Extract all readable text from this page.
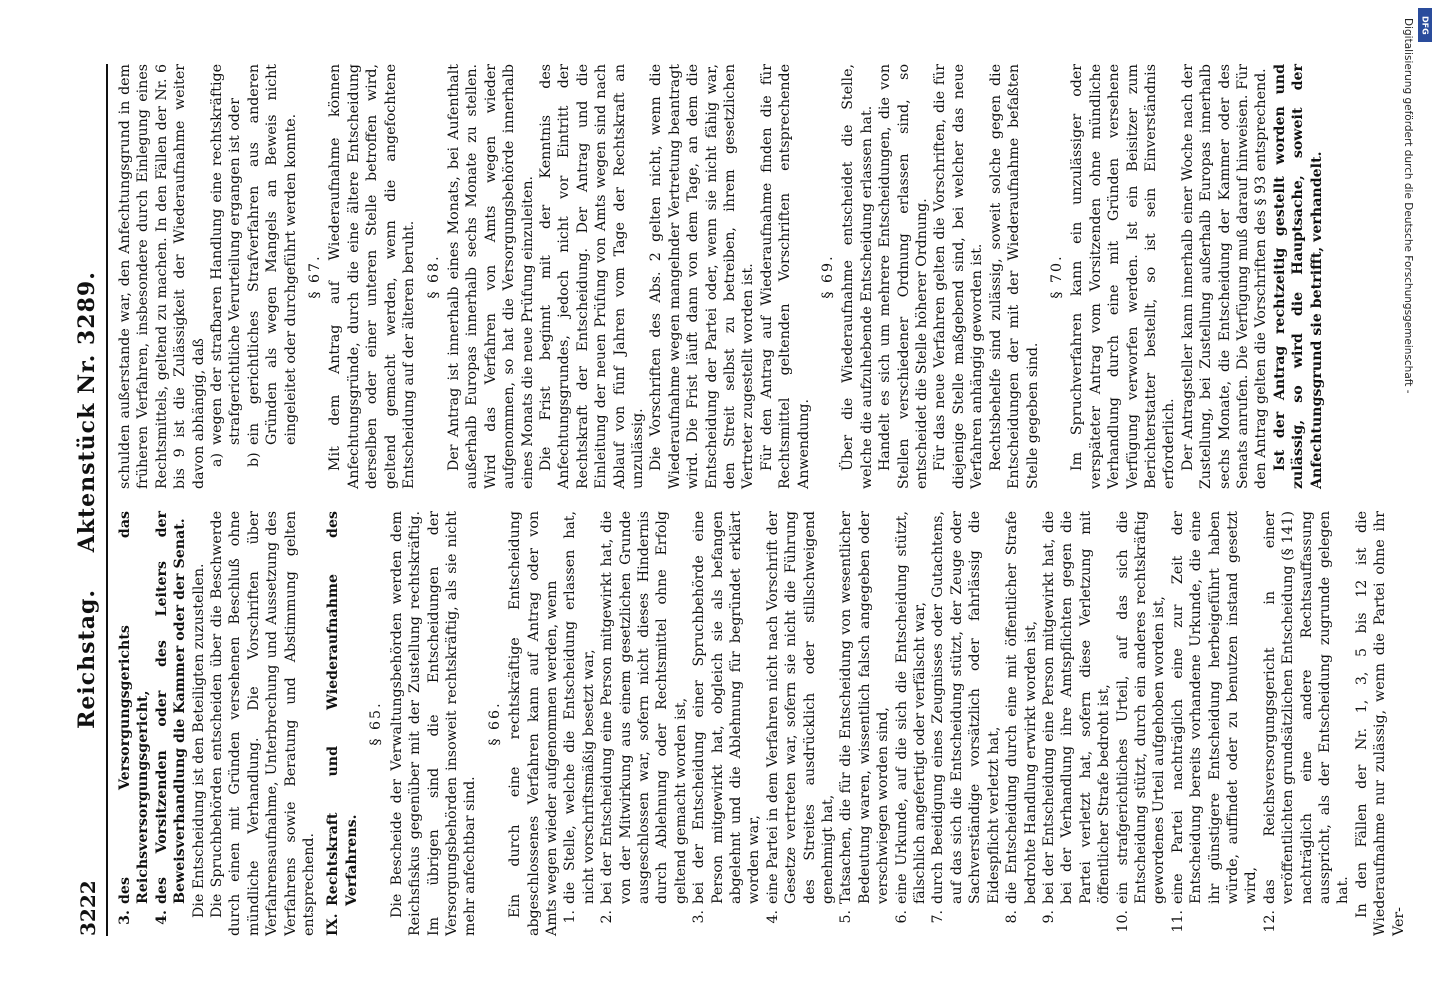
3222
Reichstag. Aktenstück Nr. 3289.
3.
des Versorgungsgerichts das Reichsversorgungsgericht,
4.
des Vorsitzenden oder des Leiters der Beweisverhandlung die Kammer oder der Senat. Die Entscheidung ist den Beteiligten zuzustellen. Die Spruchbehörden entscheiden über die Beschwerde durch einen mit Gründen versehenen Beschluß ohne mündliche Verhandlung. Die Vorschriften über Verfahrensaufnahme, Unterbrechung und Aussetzung des Verfahrens sowie Beratung und Abstimmung gelten entsprechend. IX.
Rechtskraft und Wiederaufnahme des Verfahrens.
§ 65. Die Bescheide der Verwaltungsbehörden werden dem Reichsfiskus gegenüber mit der Zustellung rechtskräftig. Im übrigen sind die Entscheidungen der Versorgungsbehörden insoweit rechtskräftig, als sie nicht mehr anfechtbar sind.

§ 66. Ein durch eine rechtskräftige Entscheidung abgeschlossenes Verfahren kann auf Antrag oder von Amts wegen wieder aufgenommen werden, wenn 1.
die Stelle, welche die Entscheidung erlassen hat, nicht vorschriftsmäßig besetzt war,
2.
bei der Entscheidung eine Person mitgewirkt hat, die von der Mitwirkung aus einem gesetzlichen Grunde ausgeschlossen war, sofern nicht dieses Hindernis durch Ablehnung oder Rechtsmittel ohne Erfolg geltend gemacht worden ist,
3.
bei der Entscheidung einer Spruchbehörde eine Person mitgewirkt hat, obgleich sie als befangen abgelehnt und die Ablehnung für begründet erklärt worden war,
4.
eine Partei in dem Verfahren nicht nach Vorschrift der Gesetze vertreten war, sofern sie nicht die Führung des Streites ausdrücklich oder stillschweigend genehmigt hat,
5.
Tatsachen, die für die Entscheidung von wesentlicher Bedeutung waren, wissentlich falsch angegeben oder verschwiegen worden sind,
6.
eine Urkunde, auf die sich die Entscheidung stützt, fälschlich angefertigt oder verfälscht war,
7.
durch Beeidigung eines Zeugnisses oder Gutachtens, auf das sich die Entscheidung stützt, der Zeuge oder Sachverständige vorsätzlich oder fahrlässig die Eidespflicht verletzt hat,
8.
die Entscheidung durch eine mit öffentlicher Strafe bedrohte Handlung erwirkt worden ist,
9.
bei der Entscheidung eine Person mitgewirkt hat, die bei der Verhandlung ihre Amtspflichten gegen die Partei verletzt hat, sofern diese Verletzung mit öffentlicher Strafe bedroht ist,
10.
ein strafgerichtliches Urteil, auf das sich die Entscheidung stützt, durch ein anderes rechtskräftig gewordenes Urteil aufgehoben worden ist,
11.
eine Partei nachträglich eine zur Zeit der Entscheidung bereits vorhandene Urkunde, die eine ihr günstigere Entscheidung herbeigeführt haben würde, auffindet oder zu benutzen instand gesetzt wird,
12.
das Reichsversorgungsgericht in einer veröffentlichten grundsätzlichen Entscheidung (§ 141) nachträglich eine andere Rechtsauffassung ausspricht, als der Entscheidung zugrunde gelegen hat. In den Fällen der Nr. 1, 3, 5 bis 12 ist die Wiederaufnahme nur zulässig, wenn die Partei ohne ihr Ver-

schulden außerstande war, den Anfechtungsgrund in dem früheren Verfahren, insbesondere durch Einlegung eines Rechtsmittels, geltend zu machen. In den Fällen der Nr. 6 bis 9 ist die Zulässigkeit der Wiederaufnahme weiter davon abhängig, daß a)
wegen der strafbaren Handlung eine rechtskräftige strafgerichtliche Verurteilung ergangen ist oder
b)
ein gerichtliches Strafverfahren aus anderen Gründen als wegen Mangels an Beweis nicht eingeleitet oder durchgeführt werden konnte. § 67. Mit dem Antrag auf Wiederaufnahme können Anfechtungsgründe, durch die eine ältere Entscheidung derselben oder einer unteren Stelle betroffen wird, geltend gemacht werden, wenn die angefochtene Entscheidung auf der älteren beruht. § 68. Der Antrag ist innerhalb eines Monats, bei Aufenthalt außerhalb Europas innerhalb sechs Monate zu stellen. Wird das Verfahren von Amts wegen wieder aufgenommen, so hat die Versorgungsbehörde innerhalb eines Monats die neue Prüfung einzuleiten. Die Frist beginnt mit der Kenntnis des Anfechtungsgrundes, jedoch nicht vor Eintritt der Rechtskraft der Entscheidung. Der Antrag und die Einleitung der neuen Prüfung von Amts wegen sind nach Ablauf von fünf Jahren vom Tage der Rechtskraft an unzulässig. Die Vorschriften des Abs. 2 gelten nicht, wenn die Wiederaufnahme wegen mangelnder Vertretung beantragt wird. Die Frist läuft dann von dem Tage, an dem die Entscheidung der Partei oder, wenn sie nicht fähig war, den Streit selbst zu betreiben, ihrem gesetzlichen Vertreter zugestellt worden ist. Für den Antrag auf Wiederaufnahme finden die für Rechtsmittel geltenden Vorschriften entsprechende Anwendung.

§ 69. Über die Wiederaufnahme entscheidet die Stelle, welche die aufzuhebende Entscheidung erlassen hat. Handelt es sich um mehrere Entscheidungen, die von Stellen verschiedener Ordnung erlassen sind, so entscheidet die Stelle höherer Ordnung. Für das neue Verfahren gelten die Vorschriften, die für diejenige Stelle maßgebend sind, bei welcher das neue Verfahren anhängig geworden ist. Rechtsbehelfe sind zulässig, soweit solche gegen die Entscheidungen der mit der Wiederaufnahme befaßten Stelle gegeben sind.

§ 70. Im Spruchverfahren kann ein unzulässiger oder verspäteter Antrag vom Vorsitzenden ohne mündliche Verhandlung durch eine mit Gründen versehene Verfügung verworfen werden. Ist ein Beisitzer zum Berichterstatter bestellt, so ist sein Einverständnis erforderlich. Der Antragsteller kann innerhalb einer Woche nach der Zustellung, bei Zustellung außerhalb Europas innerhalb sechs Monate, die Entscheidung der Kammer oder des Senats anrufen. Die Verfügung muß darauf hinweisen. Für den Antrag gelten die Vorschriften des § 93 entsprechend. Ist der Antrag rechtzeitig gestellt worden und zulässig, so wird die Hauptsache, soweit der Anfechtungsgrund sie betrifft, verhandelt.	Digitalisierung gefördert durch die Deutsche Forschungsgemeinschaft - DFG
